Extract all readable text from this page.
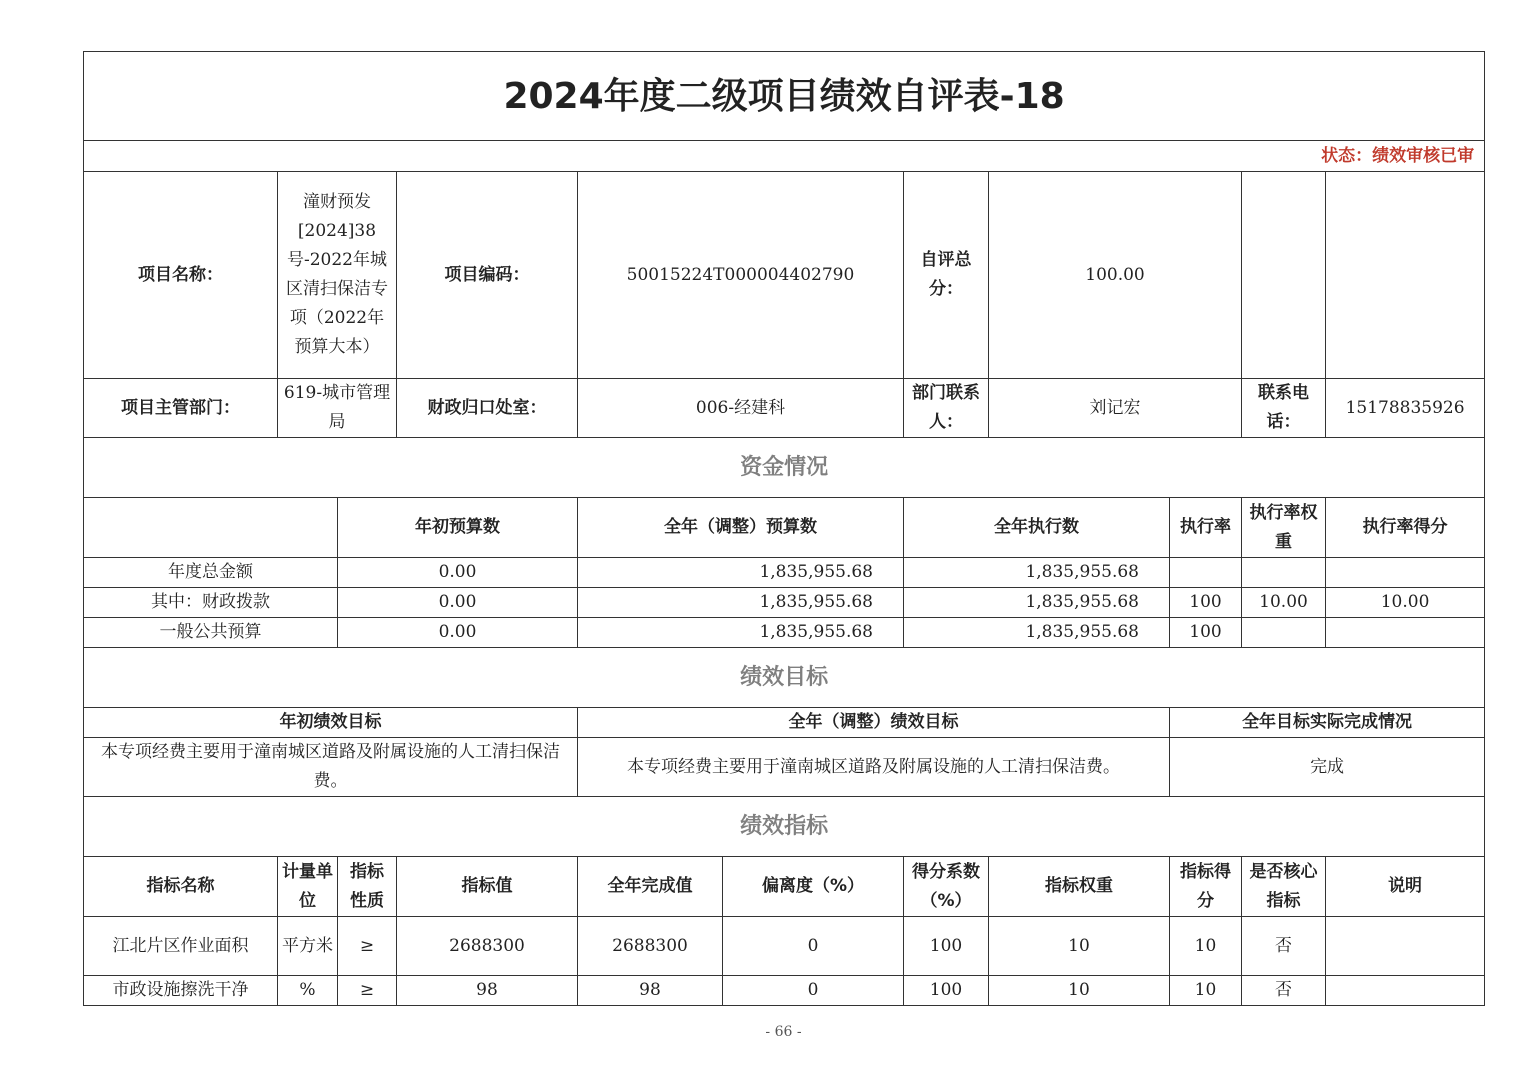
2024年度二级项目绩效自评表-18										
状态：绩效审核已审										
项目名称：	潼财预发[2024]38号-2022年城区清扫保洁专项（2022年预算大本）		项目编码：	50015224T000004402790		自评总分：	100.00			
项目主管部门：	619-城市管理局		财政归口处室：	006-经建科		部门联系人：	刘记宏		联系电话：	15178835926
资金情况										
		年初预算数		全年（调整）预算数		全年执行数		执行率	执行率权重	执行率得分
年度总金额		0.00		1,835,955.68		1,835,955.68				
其中：财政拨款		0.00		1,835,955.68		1,835,955.68		100	10.00	10.00
一般公共预算		0.00		1,835,955.68		1,835,955.68		100		
绩效目标										
年初绩效目标				全年（调整）绩效目标				全年目标实际完成情况		
本专项经费主要用于潼南城区道路及附属设施的人工清扫保洁费。				本专项经费主要用于潼南城区道路及附属设施的人工清扫保洁费。				完成		
绩效指标										
指标名称	计量单位	指标性质	指标值	全年完成值	偏离度（%）	得分系数（%）	指标权重	指标得分	是否核心指标	说明
江北片区作业面积	平方米	≥	2688300	2688300	0	100	10	10	否	
市政设施擦洗干净	%	≥	98	98	0	100	10	10	否	
- 66 -
